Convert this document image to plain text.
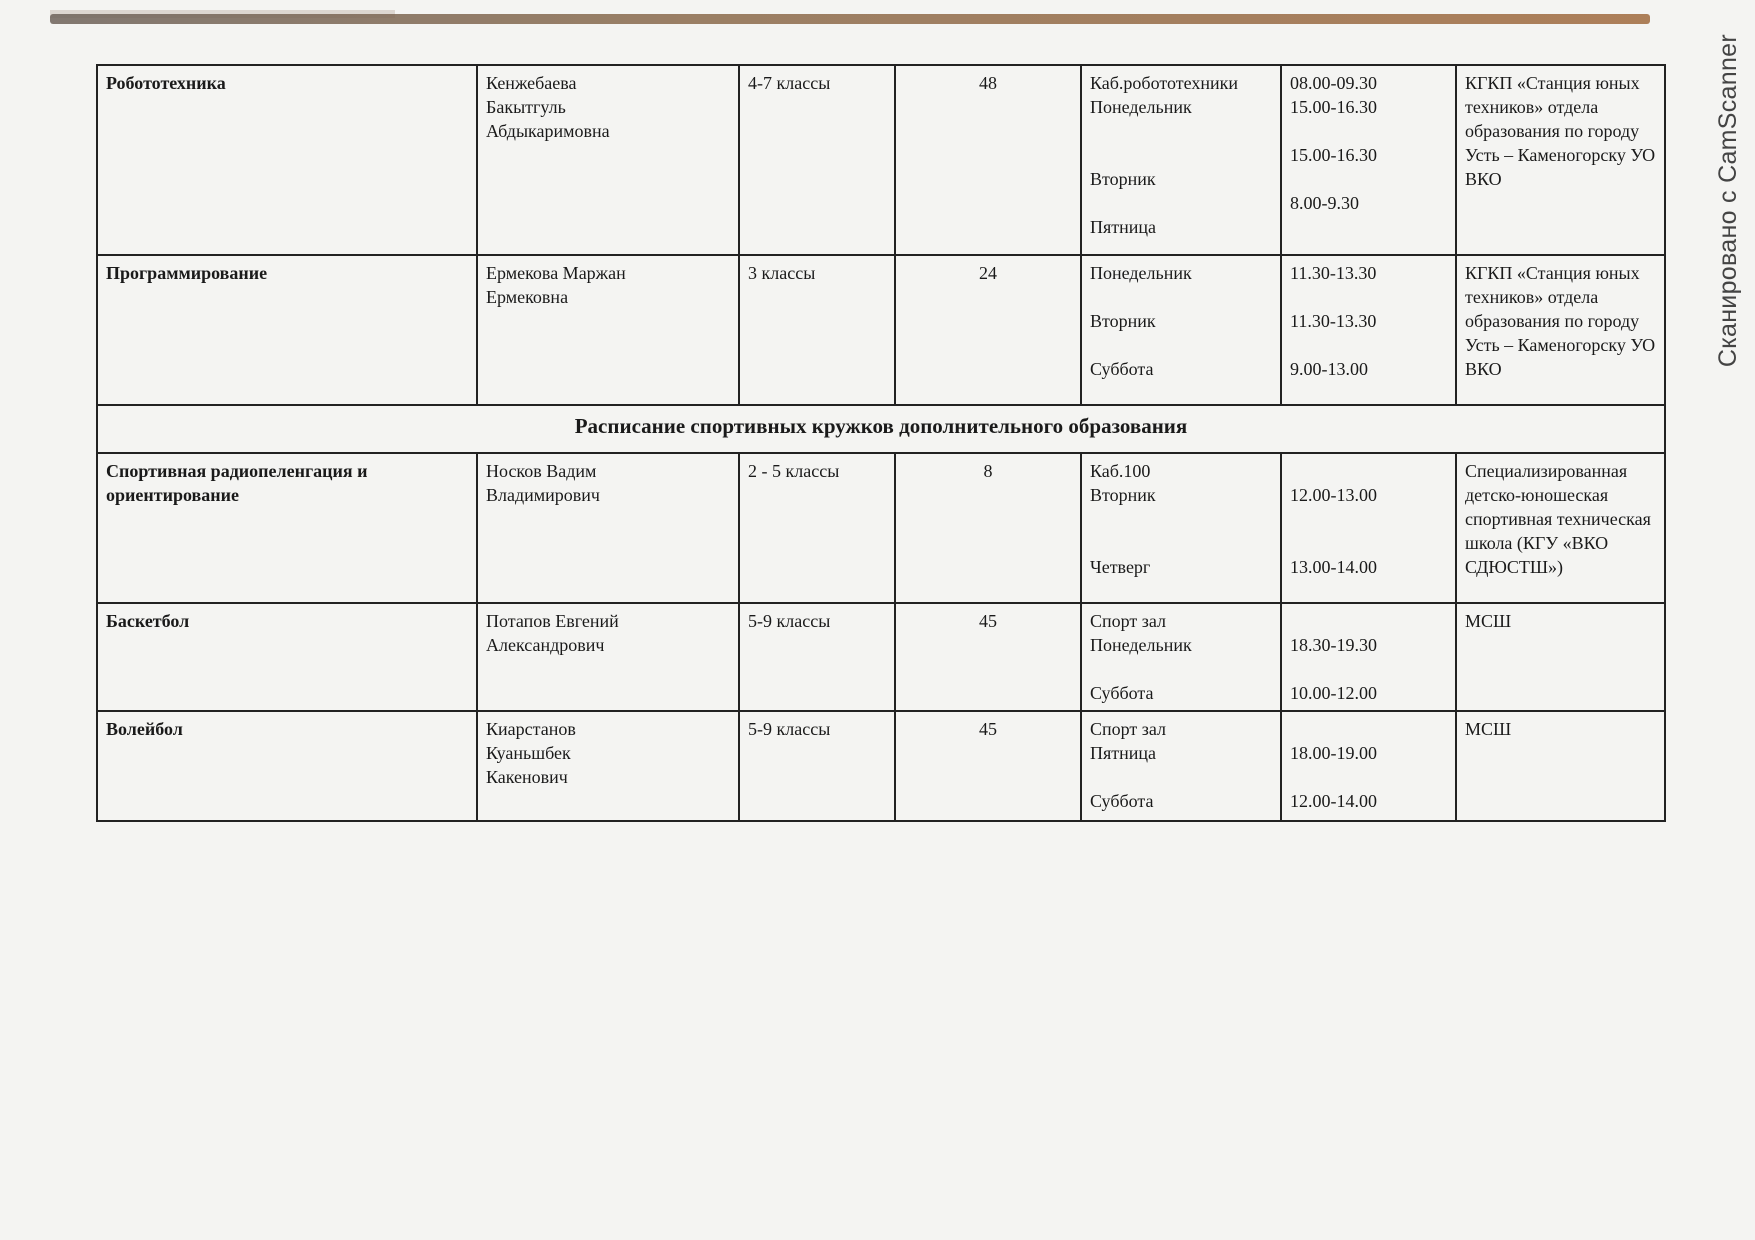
Сканировано с CamScanner
Робототехника	Кенжебаева
Бакытгуль
Абдыкаримовна	4-7 классы	48	Каб.робототехники
Понедельник
Вторник
Пятница	08.00-09.30
15.00-16.30
15.00-16.30
8.00-9.30	КГКП «Станция юных техников» отдела образования по городу Усть – Каменогорску УО ВКО
Программирование	Ермекова Маржан
Ермековна	3 классы	24	Понедельник
Вторник
Суббота	11.30-13.30
11.30-13.30
9.00-13.00	КГКП «Станция юных техников» отдела образования по городу Усть – Каменогорску УО ВКО
Расписание спортивных кружков дополнительного образования						
Спортивная радиопеленгация и ориентирование	Носков Вадим
Владимирович	2 - 5 классы	8	Каб.100
Вторник
Четверг	12.00-13.00
13.00-14.00	Специализированная детско-юношеская спортивная техническая школа (КГУ «ВКО СДЮСТШ»)
Баскетбол	Потапов Евгений
Александрович	5-9 классы	45	Спорт зал
Понедельник
Суббота	18.30-19.30
10.00-12.00	МСШ
Волейбол	Киарстанов
Куаньшбек
Какенович	5-9 классы	45	Спорт зал
Пятница
Суббота	18.00-19.00
12.00-14.00	МСШ
